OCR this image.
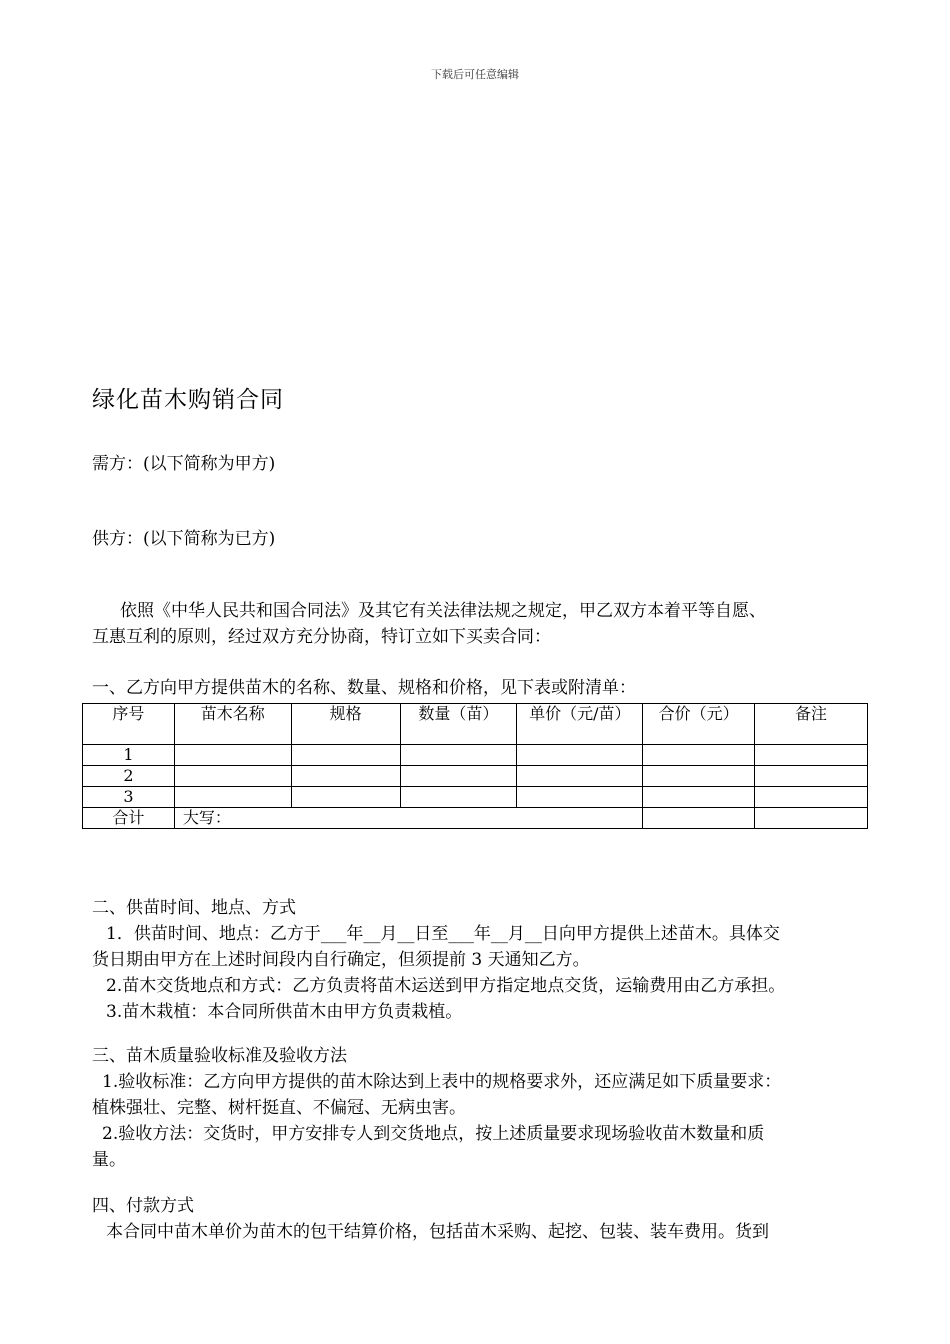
下载后可任意编辑
绿化苗木购销合同
需方：(以下简称为甲方)
供方：(以下简称为已方)

依照《中华人民共和国合同法》及其它有关法律法规之规定，甲乙双方本着平等自愿、

互惠互利的原则，经过双方充分协商，特订立如下买卖合同：

一、乙方向甲方提供苗木的名称、数量、规格和价格，见下表或附清单：
序号	苗木名称	规格	数量（苗）	单价（元/苗）	合价（元）	备注
1						
2						
3						
合计	大写：					

二、供苗时间、地点、方式

1．供苗时间、地点：乙方于___年__月__日至___年__月__日向甲方提供上述苗木。具体交

货日期由甲方在上述时间段内自行确定，但须提前 3 天通知乙方。

2.苗木交货地点和方式：乙方负责将苗木运送到甲方指定地点交货，运输费用由乙方承担。

3.苗木栽植：本合同所供苗木由甲方负责栽植。

三、苗木质量验收标准及验收方法

1.验收标准：乙方向甲方提供的苗木除达到上表中的规格要求外，还应满足如下质量要求：

植株强壮、完整、树杆挺直、不偏冠、无病虫害。

2.验收方法：交货时，甲方安排专人到交货地点，按上述质量要求现场验收苗木数量和质

量。

四、付款方式

本合同中苗木单价为苗木的包干结算价格，包括苗木采购、起挖、包装、装车费用。货到
